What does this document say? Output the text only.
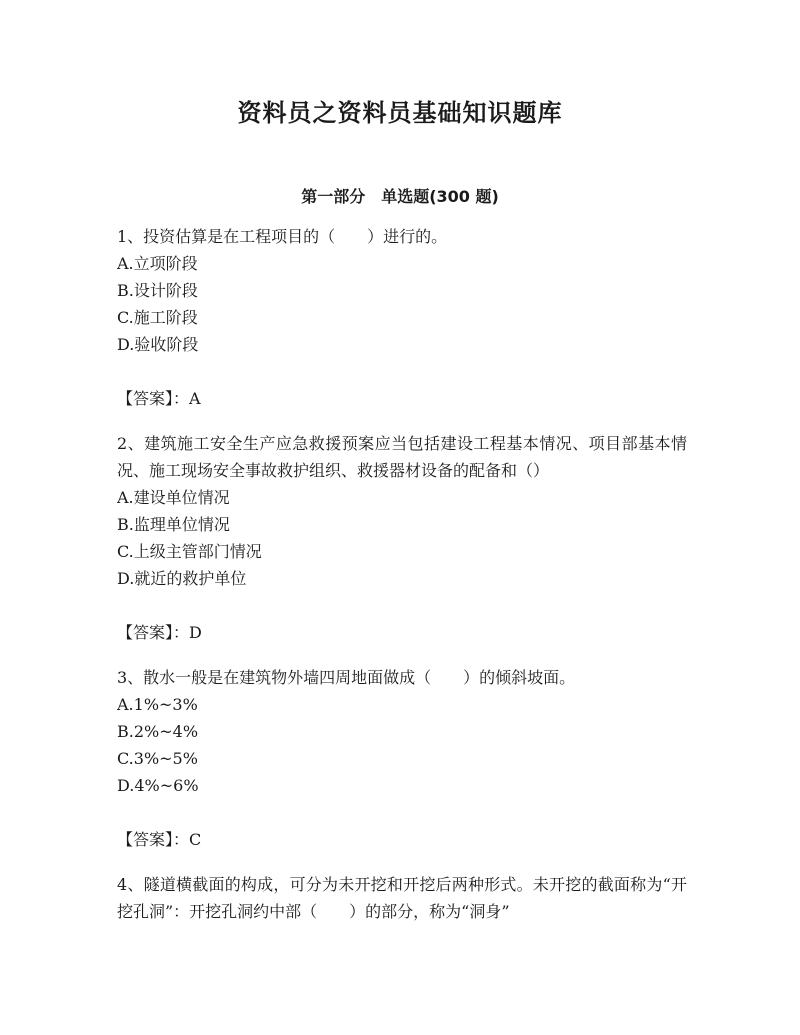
资料员之资料员基础知识题库
第一部分　单选题(300 题)
1、投资估算是在工程项目的（　　）进行的。
A.立项阶段
B.设计阶段
C.施工阶段
D.验收阶段
【答案】：A
2、建筑施工安全生产应急救援预案应当包括建设工程基本情况、项目部基本情况、施工现场安全事故救护组织、救援器材设备的配备和（）
A.建设单位情况
B.监理单位情况
C.上级主管部门情况
D.就近的救护单位
【答案】：D
3、散水一般是在建筑物外墙四周地面做成（　　）的倾斜坡面。
A.1%~3%
B.2%~4%
C.3%~5%
D.4%~6%
【答案】：C
4、隧道横截面的构成，可分为未开挖和开挖后两种形式。未开挖的截面称为“开挖孔洞”：开挖孔洞约中部（　　）的部分，称为“洞身”
